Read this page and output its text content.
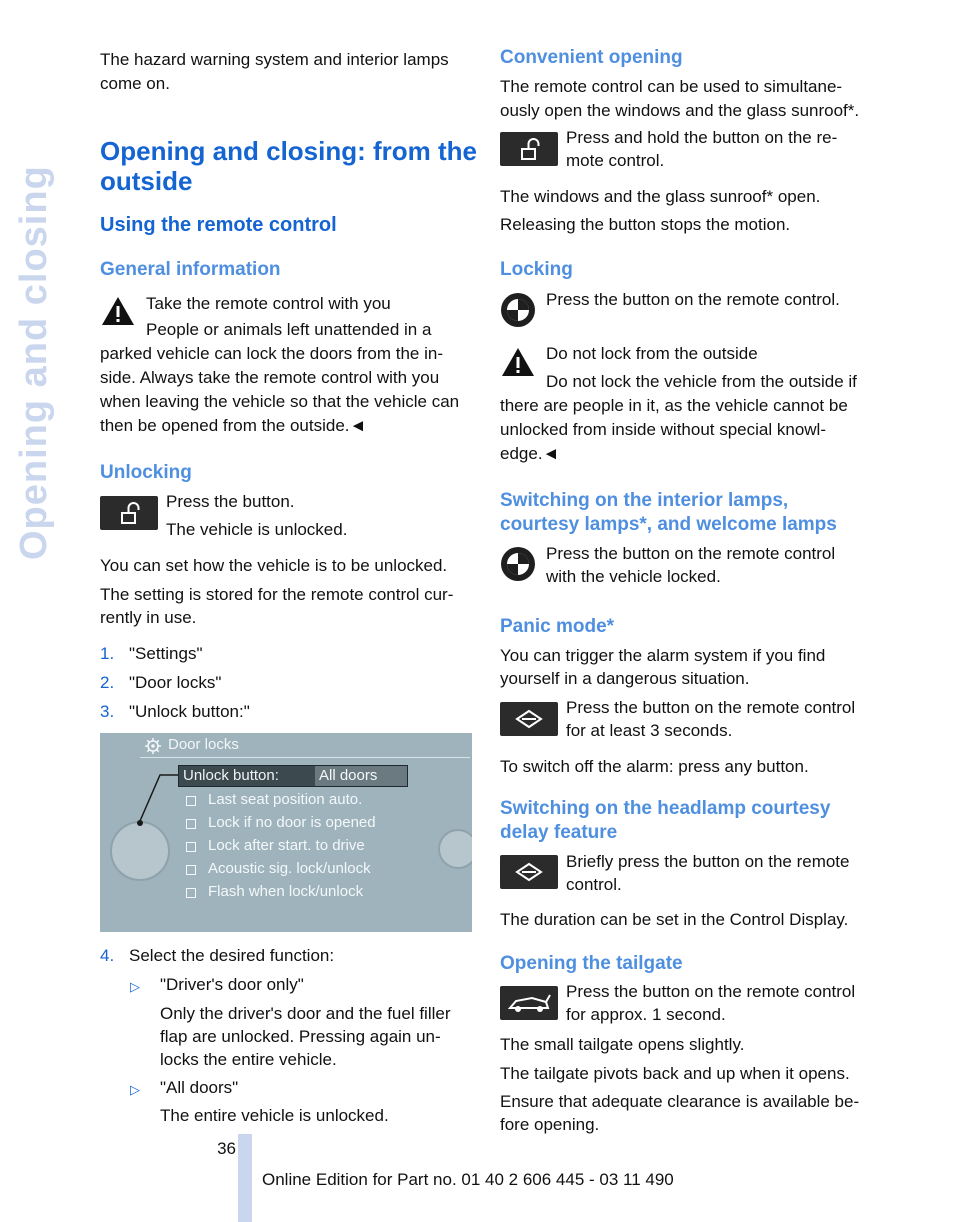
Opening and closing
The hazard warning system and interior lamps
come on.
Opening and closing: from the
outside
Using the remote control
General information
Take the remote control with you
People or animals left unattended in a
parked vehicle can lock the doors from the in-
side. Always take the remote control with you
when leaving the vehicle so that the vehicle can
then be opened from the outside.◄
Unlocking
Press the button.
The vehicle is unlocked.
You can set how the vehicle is to be unlocked.
The setting is stored for the remote control cur-
rently in use.
1. "Settings"
2. "Door locks"
3. "Unlock button:"
Door locks
Unlock button:	All doors
Last seat position auto.
Lock if no door is opened
Lock after start. to drive
Acoustic sig. lock/unlock
Flash when lock/unlock
4. Select the desired function:
▷ "Driver's door only"
Only the driver's door and the fuel filler
flap are unlocked. Pressing again un-
locks the entire vehicle.
▷ "All doors"
The entire vehicle is unlocked.
Convenient opening
The remote control can be used to simultane-
ously open the windows and the glass sunroof*.
Press and hold the button on the re-
mote control.
The windows and the glass sunroof* open.
Releasing the button stops the motion.
Locking
Press the button on the remote control.
Do not lock from the outside
Do not lock the vehicle from the outside if
there are people in it, as the vehicle cannot be
unlocked from inside without special knowl-
edge.◄
Switching on the interior lamps,
courtesy lamps*, and welcome lamps
Press the button on the remote control
with the vehicle locked.
Panic mode*
You can trigger the alarm system if you find
yourself in a dangerous situation.
Press the button on the remote control
for at least 3 seconds.
To switch off the alarm: press any button.
Switching on the headlamp courtesy
delay feature
Briefly press the button on the remote
control.
The duration can be set in the Control Display.
Opening the tailgate
Press the button on the remote control
for approx. 1 second.
The small tailgate opens slightly.
The tailgate pivots back and up when it opens.
Ensure that adequate clearance is available be-
fore opening.
36
Online Edition for Part no. 01 40 2 606 445 - 03 11 490
